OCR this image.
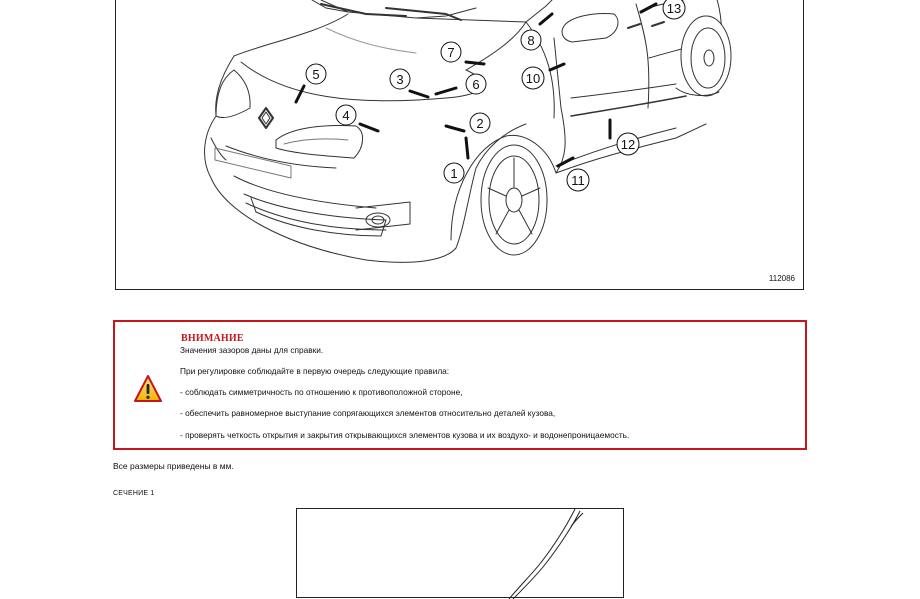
1
2
3
4
5
6
7
8
10
11
12
13
112086
ВНИМАНИЕ
Значения зазоров даны для справки.
При регулировке соблюдайте в первую очередь следующие правила:
- соблюдать симметричность по отношению к противоположной стороне,
- обеспечить равномерное выступание сопрягающихся элементов относительно деталей кузова,
- проверять четкость открытия и закрытия открывающихся элементов кузова и их воздухо- и водонепроницаемость.
Все размеры приведены в мм.
СЕЧЕНИЕ 1
